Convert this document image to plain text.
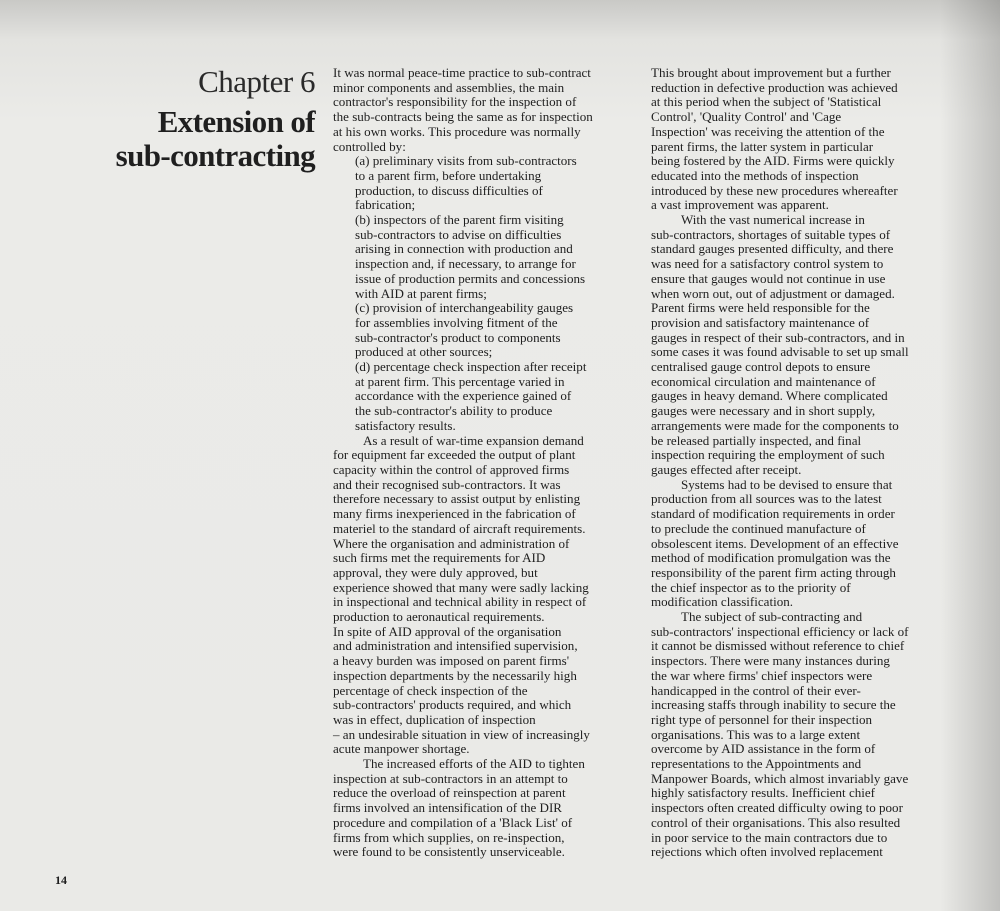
Chapter 6
Extension of
sub-contracting
It was normal peace-time practice to sub-contract
minor components and assemblies, the main
contractor's responsibility for the inspection of
the sub-contracts being the same as for inspection
at his own works. This procedure was normally
controlled by:
(a) preliminary visits from sub-contractors
to a parent firm, before undertaking
production, to discuss difficulties of
fabrication;
(b) inspectors of the parent firm visiting
sub-contractors to advise on difficulties
arising in connection with production and
inspection and, if necessary, to arrange for
issue of production permits and concessions
with AID at parent firms;
(c) provision of interchangeability gauges
for assemblies involving fitment of the
sub-contractor's product to components
produced at other sources;
(d) percentage check inspection after receipt
at parent firm. This percentage varied in
accordance with the experience gained of
the sub-contractor's ability to produce
satisfactory results.
As a result of war-time expansion demand
for equipment far exceeded the output of plant
capacity within the control of approved firms
and their recognised sub-contractors. It was
therefore necessary to assist output by enlisting
many firms inexperienced in the fabrication of
materiel to the standard of aircraft requirements.
Where the organisation and administration of
such firms met the requirements for AID
approval, they were duly approved, but
experience showed that many were sadly lacking
in inspectional and technical ability in respect of
production to aeronautical requirements.
In spite of AID approval of the organisation
and administration and intensified supervision,
a heavy burden was imposed on parent firms'
inspection departments by the necessarily high
percentage of check inspection of the
sub-contractors' products required, and which
was in effect, duplication of inspection
– an undesirable situation in view of increasingly
acute manpower shortage.
The increased efforts of the AID to tighten
inspection at sub-contractors in an attempt to
reduce the overload of reinspection at parent
firms involved an intensification of the DIR
procedure and compilation of a 'Black List' of
firms from which supplies, on re-inspection,
were found to be consistently unserviceable.
This brought about improvement but a further
reduction in defective production was achieved
at this period when the subject of 'Statistical
Control', 'Quality Control' and 'Cage
Inspection' was receiving the attention of the
parent firms, the latter system in particular
being fostered by the AID. Firms were quickly
educated into the methods of inspection
introduced by these new procedures whereafter
a vast improvement was apparent.
With the vast numerical increase in
sub-contractors, shortages of suitable types of
standard gauges presented difficulty, and there
was need for a satisfactory control system to
ensure that gauges would not continue in use
when worn out, out of adjustment or damaged.
Parent firms were held responsible for the
provision and satisfactory maintenance of
gauges in respect of their sub-contractors, and in
some cases it was found advisable to set up small
centralised gauge control depots to ensure
economical circulation and maintenance of
gauges in heavy demand. Where complicated
gauges were necessary and in short supply,
arrangements were made for the components to
be released partially inspected, and final
inspection requiring the employment of such
gauges effected after receipt.
Systems had to be devised to ensure that
production from all sources was to the latest
standard of modification requirements in order
to preclude the continued manufacture of
obsolescent items. Development of an effective
method of modification promulgation was the
responsibility of the parent firm acting through
the chief inspector as to the priority of
modification classification.
The subject of sub-contracting and
sub-contractors' inspectional efficiency or lack of
it cannot be dismissed without reference to chief
inspectors. There were many instances during
the war where firms' chief inspectors were
handicapped in the control of their ever-
increasing staffs through inability to secure the
right type of personnel for their inspection
organisations. This was to a large extent
overcome by AID assistance in the form of
representations to the Appointments and
Manpower Boards, which almost invariably gave
highly satisfactory results. Inefficient chief
inspectors often created difficulty owing to poor
control of their organisations. This also resulted
in poor service to the main contractors due to
rejections which often involved replacement
14
